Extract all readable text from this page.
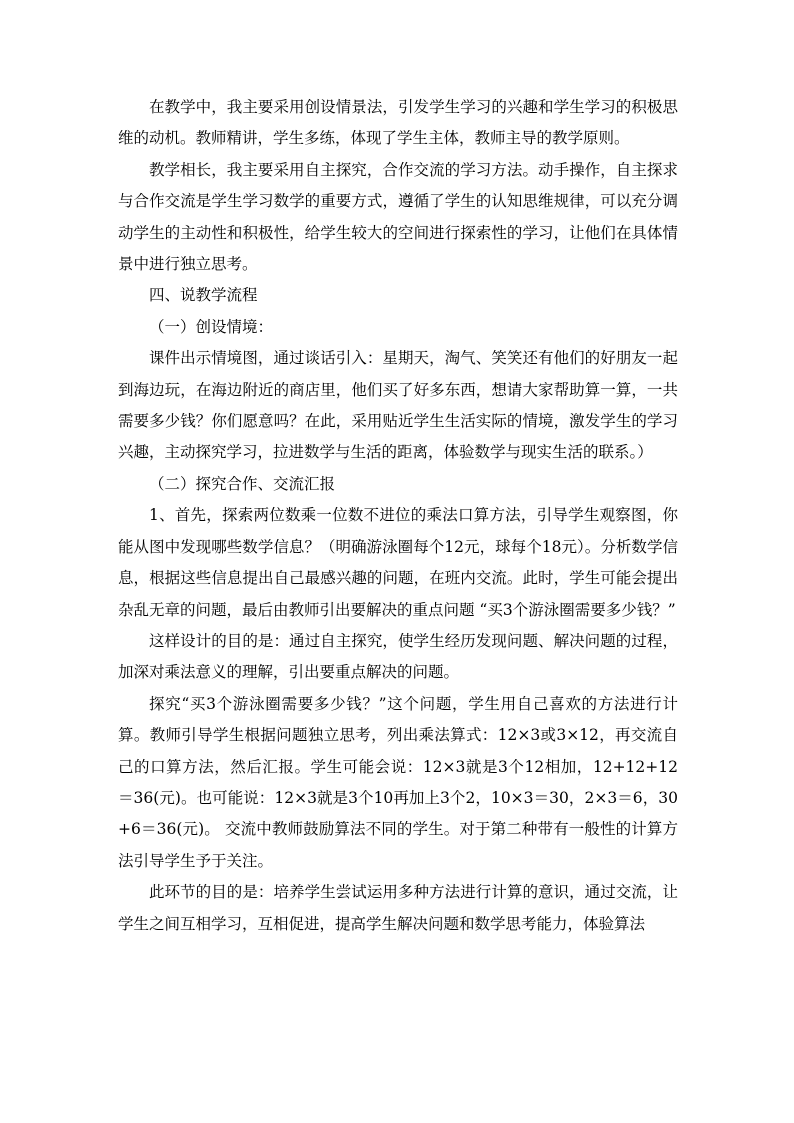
在教学中，我主要采用创设情景法，引发学生学习的兴趣和学生学习的积极思维的动机。教师精讲，学生多练，体现了学生主体，教师主导的教学原则。

教学相长，我主要采用自主探究，合作交流的学习方法。动手操作，自主探求与合作交流是学生学习数学的重要方式，遵循了学生的认知思维规律，可以充分调动学生的主动性和积极性，给学生较大的空间进行探索性的学习，让他们在具体情景中进行独立思考。

四、说教学流程

（一）创设情境：

课件出示情境图，通过谈话引入：星期天，淘气、笑笑还有他们的好朋友一起到海边玩，在海边附近的商店里，他们买了好多东西，想请大家帮助算一算，一共需要多少钱？你们愿意吗？在此，采用贴近学生生活实际的情境，激发学生的学习兴趣，主动探究学习，拉进数学与生活的距离，体验数学与现实生活的联系。）

（二）探究合作、交流汇报

1、首先，探索两位数乘一位数不进位的乘法口算方法，引导学生观察图，你能从图中发现哪些数学信息？（明确游泳圈每个12元，球每个18元）。分析数学信息，根据这些信息提出自己最感兴趣的问题，在班内交流。此时，学生可能会提出杂乱无章的问题，最后由教师引出要解决的重点问题 “买3个游泳圈需要多少钱？”

这样设计的目的是：通过自主探究，使学生经历发现问题、解决问题的过程，加深对乘法意义的理解，引出要重点解决的问题。

探究“买3个游泳圈需要多少钱？”这个问题，学生用自己喜欢的方法进行计算。教师引导学生根据问题独立思考，列出乘法算式：12×3或3×12，再交流自己的口算方法，然后汇报。学生可能会说：12×3就是3个12相加，12+12+12＝36(元)。也可能说：12×3就是3个10再加上3个2，10×3＝30，2×3＝6，30+6＝36(元)。 交流中教师鼓励算法不同的学生。对于第二种带有一般性的计算方法引导学生予于关注。

此环节的目的是：培养学生尝试运用多种方法进行计算的意识，通过交流，让学生之间互相学习，互相促进，提高学生解决问题和数学思考能力，体验算法
